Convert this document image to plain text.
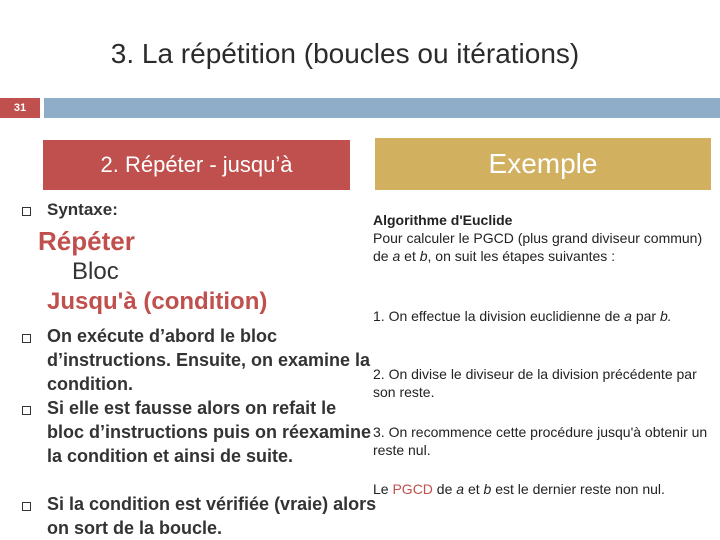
3. La répétition (boucles ou itérations)
31
2. Répéter - jusqu’à	Exemple
Syntaxe:
Répéter
Bloc
Jusqu'à (condition)
On exécute d’abord le bloc d’instructions. Ensuite, on examine la condition.
Si elle est fausse alors on refait le bloc d’instructions puis on réexamine la condition et ainsi de suite.
Si la condition est vérifiée (vraie) alors on sort de la boucle.
Algorithme d'Euclide
Pour calculer le PGCD (plus grand diviseur commun) de a et b, on suit les étapes suivantes :
1. On effectue la division euclidienne de a par b.
2. On divise le diviseur de la division précédente par son reste.
3. On recommence cette procédure jusqu'à obtenir un reste nul.
Le PGCD de a et b est le dernier reste non nul.
